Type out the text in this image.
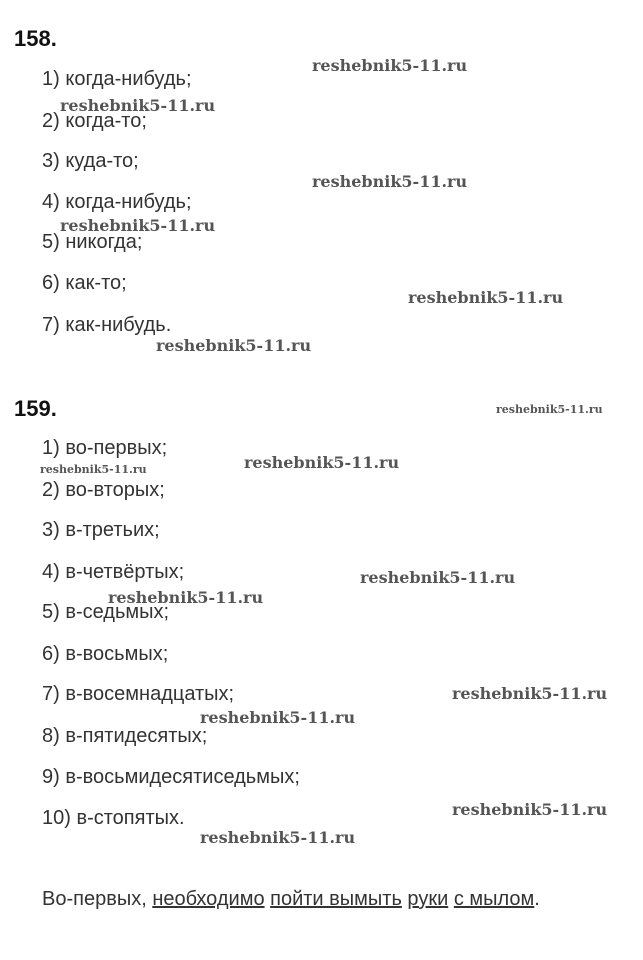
158.
1) когда-нибудь;
2) когда-то;
3) куда-то;
4) когда-нибудь;
5) никогда;
6) как-то;
7) как-нибудь.
159.
1) во-первых;
2) во-вторых;
3) в-третьих;
4) в-четвёртых;
5) в-седьмых;
6) в-восьмых;
7) в-восемнадцатых;
8) в-пятидесятых;
9) в-восьмидесятиседьмых;
10) в-стопятых.
Во-первых, необходимо пойти вымыть руки с мылом.
reshebnik5-11.ru
reshebnik5-11.ru
reshebnik5-11.ru
reshebnik5-11.ru
reshebnik5-11.ru
reshebnik5-11.ru
reshebnik5-11.ru
reshebnik5-11.ru	reshebnik5-11.ru
reshebnik5-11.ru
reshebnik5-11.ru
reshebnik5-11.ru
reshebnik5-11.ru
reshebnik5-11.ru
reshebnik5-11.ru
